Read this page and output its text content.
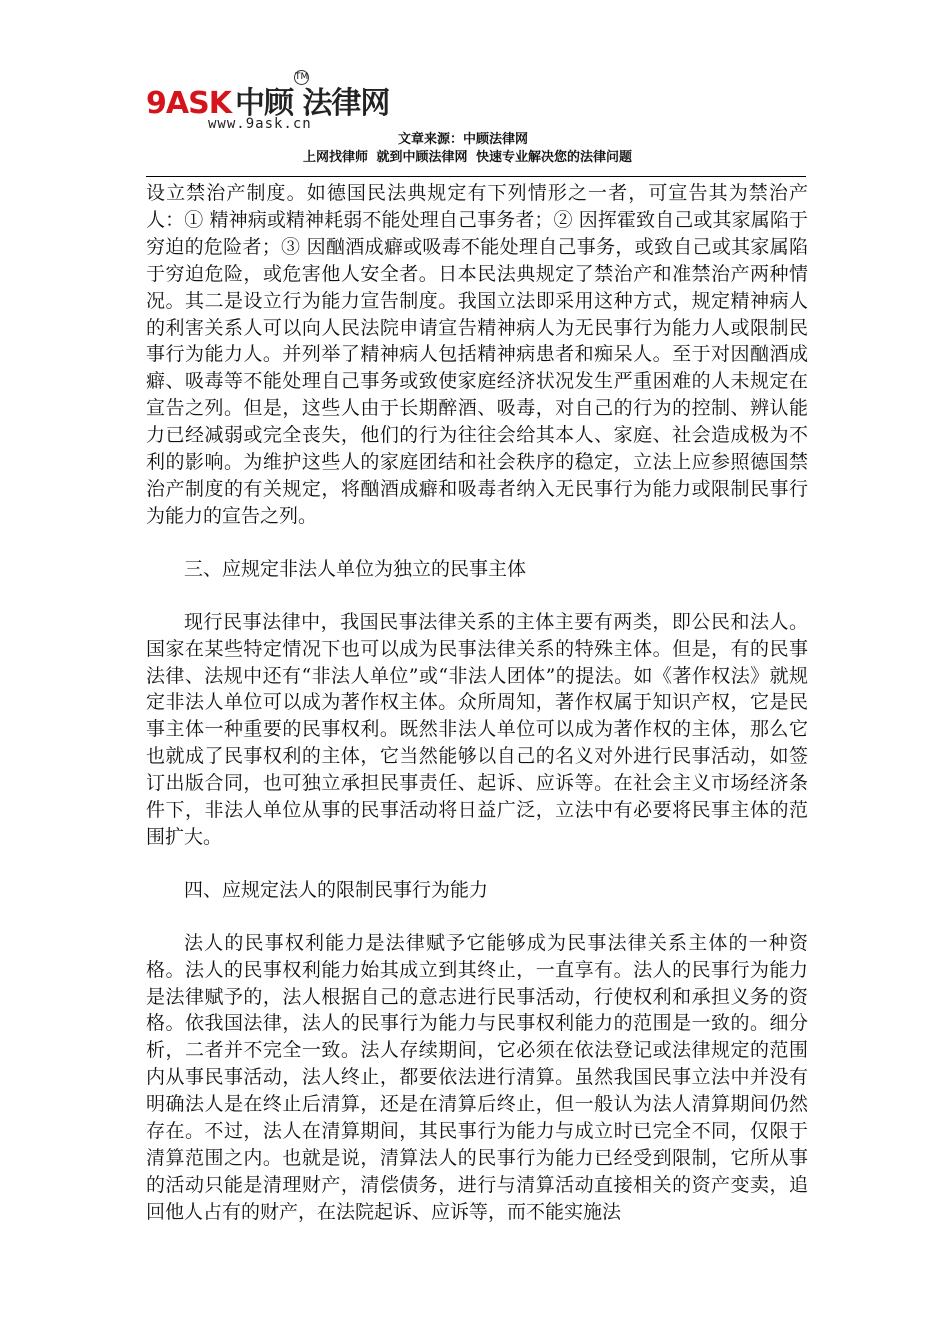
9ASK 中顾 法律网
TM
www.9ask.cn
文章来源：中顾法律网
上网找律师 就到中顾法律网 快速专业解决您的法律问题

设立禁治产制度。如德国民法典规定有下列情形之一者，可宣告其为禁治产人：① 精神病或精神耗弱不能处理自己事务者；② 因挥霍致自己或其家属陷于穷迫的危险者；③ 因酗酒成癖或吸毒不能处理自己事务，或致自己或其家属陷于穷迫危险，或危害他人安全者。日本民法典规定了禁治产和准禁治产两种情况。其二是设立行为能力宣告制度。我国立法即采用这种方式，规定精神病人的利害关系人可以向人民法院申请宣告精神病人为无民事行为能力人或限制民事行为能力人。并列举了精神病人包括精神病患者和痴呆人。至于对因酗酒成癖、吸毒等不能处理自己事务或致使家庭经济状况发生严重困难的人未规定在宣告之列。但是，这些人由于长期醉酒、吸毒，对自己的行为的控制、辨认能力已经减弱或完全丧失，他们的行为往往会给其本人、家庭、社会造成极为不利的影响。为维护这些人的家庭团结和社会秩序的稳定，立法上应参照德国禁治产制度的有关规定，将酗酒成癖和吸毒者纳入无民事行为能力或限制民事行为能力的宣告之列。

三、应规定非法人单位为独立的民事主体

现行民事法律中，我国民事法律关系的主体主要有两类，即公民和法人。国家在某些特定情况下也可以成为民事法律关系的特殊主体。但是，有的民事法律、法规中还有“非法人单位”或“非法人团体”的提法。如《著作权法》就规定非法人单位可以成为著作权主体。众所周知，著作权属于知识产权，它是民事主体一种重要的民事权利。既然非法人单位可以成为著作权的主体，那么它也就成了民事权利的主体，它当然能够以自己的名义对外进行民事活动，如签订出版合同，也可独立承担民事责任、起诉、应诉等。在社会主义市场经济条件下，非法人单位从事的民事活动将日益广泛，立法中有必要将民事主体的范围扩大。

四、应规定法人的限制民事行为能力

法人的民事权利能力是法律赋予它能够成为民事法律关系主体的一种资格。法人的民事权利能力始其成立到其终止，一直享有。法人的民事行为能力是法律赋予的，法人根据自己的意志进行民事活动，行使权利和承担义务的资格。依我国法律，法人的民事行为能力与民事权利能力的范围是一致的。细分析，二者并不完全一致。法人存续期间，它必须在依法登记或法律规定的范围内从事民事活动，法人终止，都要依法进行清算。虽然我国民事立法中并没有明确法人是在终止后清算，还是在清算后终止，但一般认为法人清算期间仍然存在。不过，法人在清算期间，其民事行为能力与成立时已完全不同，仅限于清算范围之内。也就是说，清算法人的民事行为能力已经受到限制，它所从事的活动只能是清理财产，清偿债务，进行与清算活动直接相关的资产变卖，追回他人占有的财产，在法院起诉、应诉等，而不能实施法
